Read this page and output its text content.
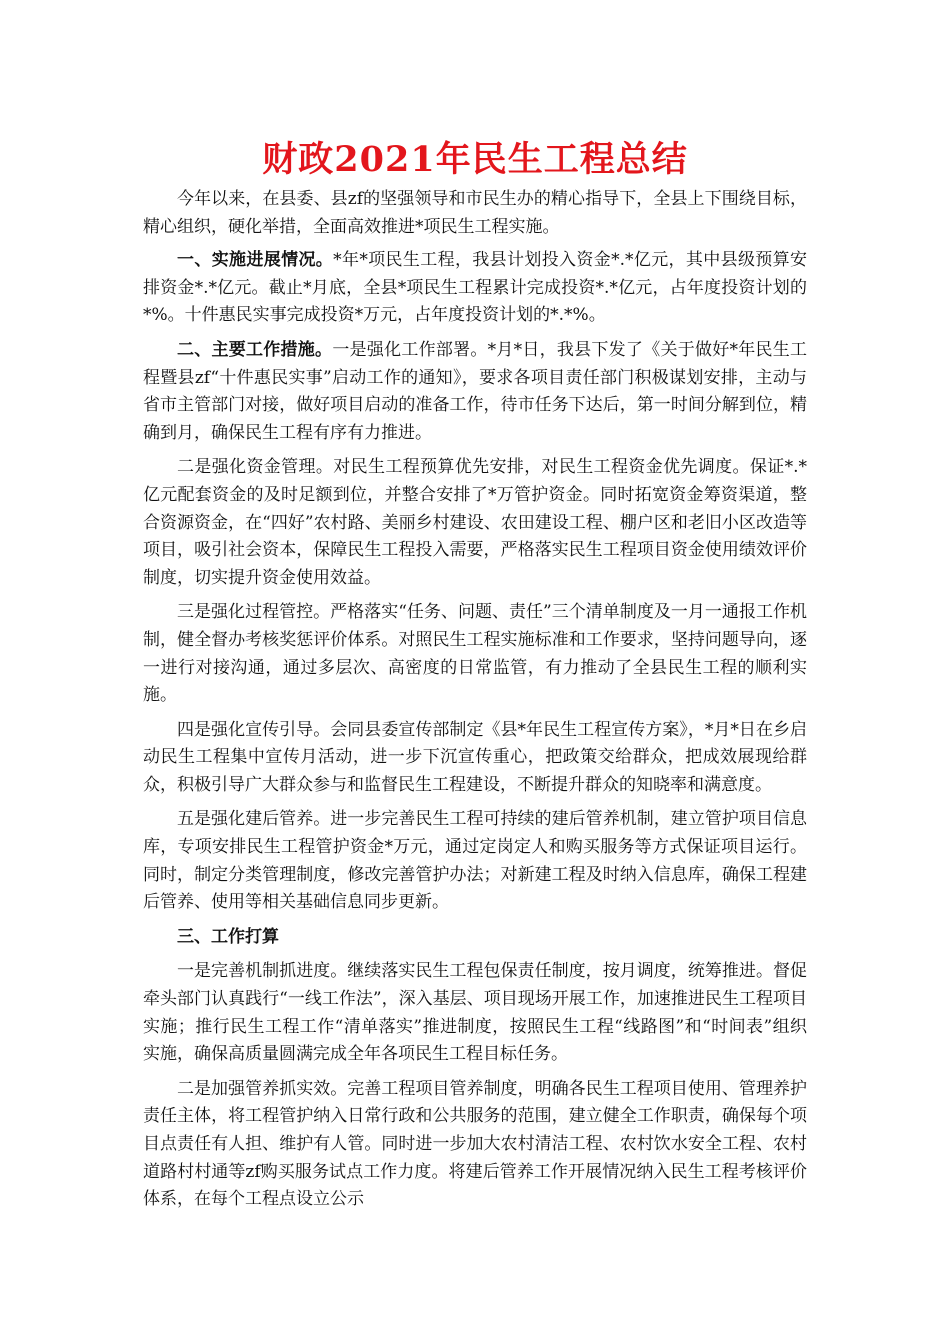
财政2021年民生工程总结

今年以来，在县委、县zf的坚强领导和市民生办的精心指导下，全县上下围绕目标，精心组织，硬化举措，全面高效推进*项民生工程实施。

一、实施进展情况。*年*项民生工程，我县计划投入资金*.*亿元，其中县级预算安排资金*.*亿元。截止*月底，全县*项民生工程累计完成投资*.*亿元，占年度投资计划的*%。十件惠民实事完成投资*万元，占年度投资计划的*.*%。

二、主要工作措施。一是强化工作部署。*月*日，我县下发了《关于做好*年民生工程暨县zf“十件惠民实事”启动工作的通知》，要求各项目责任部门积极谋划安排，主动与省市主管部门对接，做好项目启动的准备工作，待市任务下达后，第一时间分解到位，精确到月，确保民生工程有序有力推进。

二是强化资金管理。对民生工程预算优先安排，对民生工程资金优先调度。保证*.*亿元配套资金的及时足额到位，并整合安排了*万管护资金。同时拓宽资金筹资渠道，整合资源资金，在“四好”农村路、美丽乡村建设、农田建设工程、棚户区和老旧小区改造等项目，吸引社会资本，保障民生工程投入需要，严格落实民生工程项目资金使用绩效评价制度，切实提升资金使用效益。

三是强化过程管控。严格落实“任务、问题、责任”三个清单制度及一月一通报工作机制，健全督办考核奖惩评价体系。对照民生工程实施标准和工作要求，坚持问题导向，逐一进行对接沟通，通过多层次、高密度的日常监管，有力推动了全县民生工程的顺利实施。

四是强化宣传引导。会同县委宣传部制定《县*年民生工程宣传方案》，*月*日在乡启动民生工程集中宣传月活动，进一步下沉宣传重心，把政策交给群众，把成效展现给群众，积极引导广大群众参与和监督民生工程建设，不断提升群众的知晓率和满意度。

五是强化建后管养。进一步完善民生工程可持续的建后管养机制，建立管护项目信息库，专项安排民生工程管护资金*万元，通过定岗定人和购买服务等方式保证项目运行。同时，制定分类管理制度，修改完善管护办法；对新建工程及时纳入信息库，确保工程建后管养、使用等相关基础信息同步更新。

三、工作打算

一是完善机制抓进度。继续落实民生工程包保责任制度，按月调度，统筹推进。督促牵头部门认真践行“一线工作法”，深入基层、项目现场开展工作，加速推进民生工程项目实施；推行民生工程工作“清单落实”推进制度，按照民生工程“线路图”和“时间表”组织实施，确保高质量圆满完成全年各项民生工程目标任务。

二是加强管养抓实效。完善工程项目管养制度，明确各民生工程项目使用、管理养护责任主体，将工程管护纳入日常行政和公共服务的范围，建立健全工作职责，确保每个项目点责任有人担、维护有人管。同时进一步加大农村清洁工程、农村饮水安全工程、农村道路村村通等zf购买服务试点工作力度。将建后管养工作开展情况纳入民生工程考核评价体系，在每个工程点设立公示
